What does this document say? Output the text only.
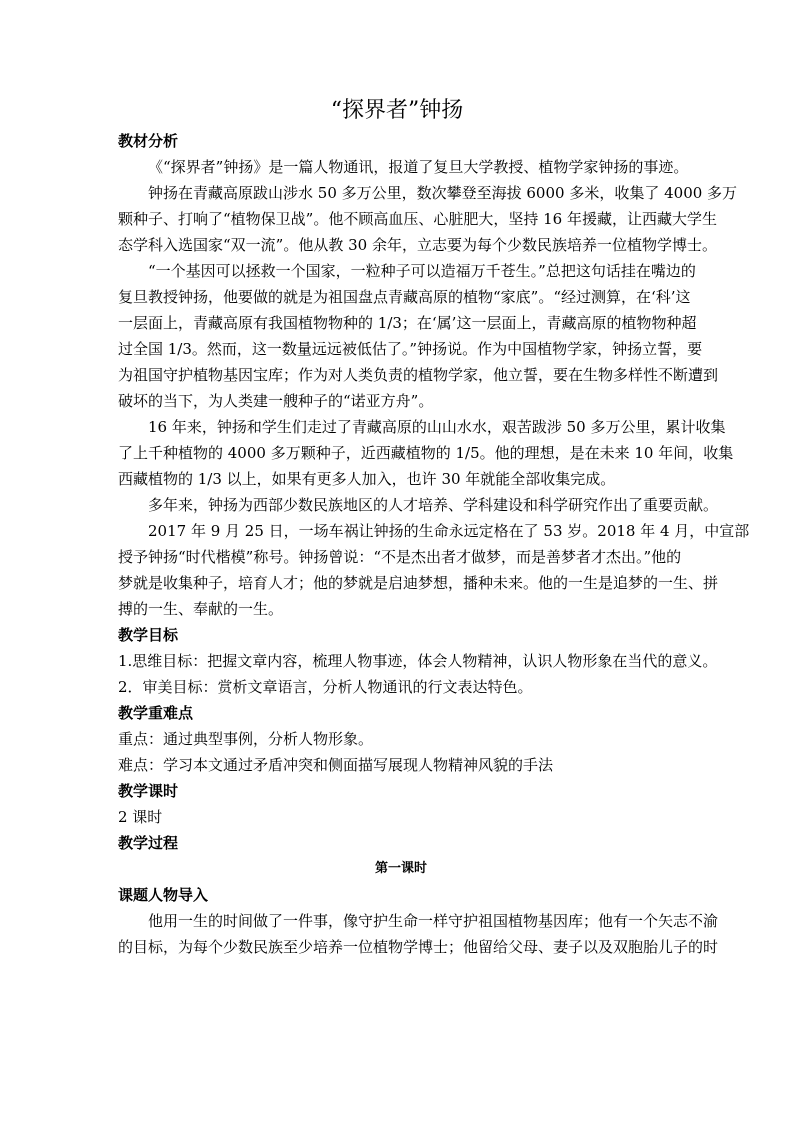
“探界者”钟扬
教材分析
《“探界者”钟扬》是一篇人物通讯，报道了复旦大学教授、植物学家钟扬的事迹。
钟扬在青藏高原跋山涉水 50 多万公里，数次攀登至海拔 6000 多米，收集了 4000 多万
颗种子、打响了“植物保卫战”。他不顾高血压、心脏肥大，坚持 16 年援藏，让西藏大学生
态学科入选国家“双一流”。他从教 30 余年，立志要为每个少数民族培养一位植物学博士。
“一个基因可以拯救一个国家，一粒种子可以造福万千苍生。”总把这句话挂在嘴边的
复旦教授钟扬，他要做的就是为祖国盘点青藏高原的植物“家底”。“经过测算，在‘科’这
一层面上，青藏高原有我国植物物种的 1/3；在‘属’这一层面上，青藏高原的植物物种超
过全国 1/3。然而，这一数量远远被低估了。”钟扬说。作为中国植物学家，钟扬立誓，要
为祖国守护植物基因宝库；作为对人类负责的植物学家，他立誓，要在生物多样性不断遭到
破坏的当下，为人类建一艘种子的“诺亚方舟”。
16 年来，钟扬和学生们走过了青藏高原的山山水水，艰苦跋涉 50 多万公里，累计收集
了上千种植物的 4000 多万颗种子，近西藏植物的 1/5。他的理想，是在未来 10 年间，收集
西藏植物的 1/3 以上，如果有更多人加入，也许 30 年就能全部收集完成。
多年来，钟扬为西部少数民族地区的人才培养、学科建设和科学研究作出了重要贡献。
2017 年 9 月 25 日，一场车祸让钟扬的生命永远定格在了 53 岁。2018 年 4 月，中宣部
授予钟扬“时代楷模”称号。钟扬曾说：“不是杰出者才做梦，而是善梦者才杰出。”他的
梦就是收集种子，培育人才；他的梦就是启迪梦想，播种未来。他的一生是追梦的一生、拼
搏的一生、奉献的一生。
教学目标
1.思维目标：把握文章内容，梳理人物事迹，体会人物精神，认识人物形象在当代的意义。
2．审美目标：赏析文章语言，分析人物通讯的行文表达特色。
教学重难点
重点：通过典型事例，分析人物形象。
难点：学习本文通过矛盾冲突和侧面描写展现人物精神风貌的手法
教学课时
2 课时
教学过程
第一课时
课题人物导入
他用一生的时间做了一件事，像守护生命一样守护祖国植物基因库；他有一个矢志不渝
的目标，为每个少数民族至少培养一位植物学博士；他留给父母、妻子以及双胞胎儿子的时
